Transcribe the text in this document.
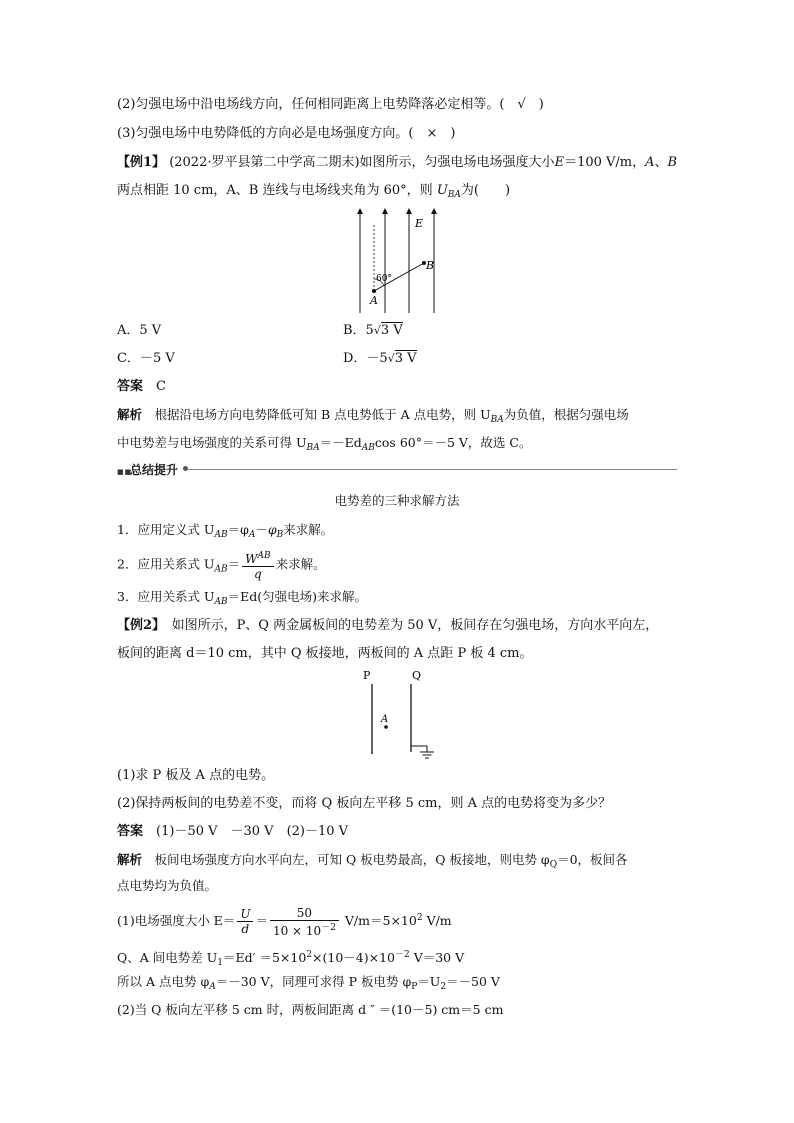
(2)匀强电场中沿电场线方向，任何相同距离上电势降落必定相等。(　√　)
(3)匀强电场中电势降低的方向必是电场强度方向。(　×　)
【例1】 (2022·罗平县第二中学高二期末)如图所示，匀强电场电场强度大小E＝100 V/m，A、B
两点相距 10 cm，A、B 连线与电场线夹角为 60°，则 $U_{BA}$为(　　)
E
B
A
60°
A．5 V	B．5√3 V
C．－5 V	D．－5√3 V
答案　 C
解析　 根据沿电场方向电势降低可知 B 点电势低于 A 点电势，则 $U_{BA}$为负值，根据匀强电场
中电势差与电场强度的关系可得 $U_{BA}=-Ed_{AB}\cos$ 60°＝－5 V，故选 C。
■■
总结提升
电势差的三种求解方法
1．应用定义式 $U_{AB}=\varphi_A-\varphi_B$来求解。
2．应用关系式 $U_{AB}= \frac{W^{AB}}{q}$ 来求解。
3．应用关系式 $U_{AB}=Ed$(匀强电场)来求解。
【例2】　 如图所示，P、Q 两金属板间的电势差为 50 V，板间存在匀强电场，方向水平向左，
板间的距离 d＝10 cm，其中 Q 板接地，两板间的 A 点距 P 板 4 cm。
P	Q
A
(1)求 P 板及 A 点的电势。
(2)保持两板间的电势差不变，而将 Q 板向左平移 5 cm，则 A 点的电势将变为多少？
答案　 (1)－50 V　－30 V　(2)－10 V
解析　 板间电场强度方向水平向左，可知 Q 板电势最高，Q 板接地，则电势 $\varphi_Q=0$，板间各
点电势均为负值。
(1)电场强度大小 $E= \frac{U}{d} = \frac{50}{10 \times 10^{-2}} V/m=5\times 10^2$ V/m
Q、A 间电势差 $U_1=Ed' =5\times 10^2\times(10-4)\times 10^{-2}$ V＝30 V
所以 A 点电势 $\varphi_A=-30$ V，同理可求得 P 板电势 $\varphi_P=U_2=-50$ V
(2)当 Q 板向左平移 5 cm 时，两板间距离 d ″ ＝(10－5) cm＝5 cm
